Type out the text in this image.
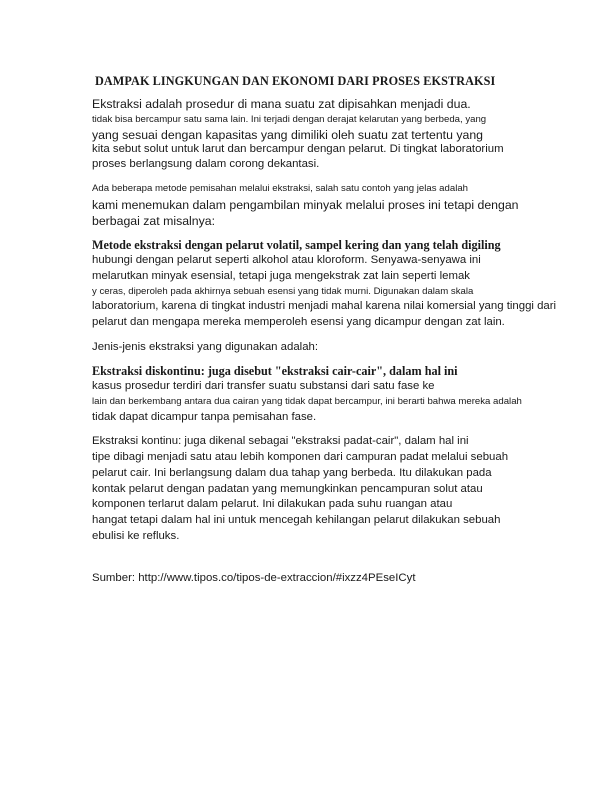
DAMPAK LINGKUNGAN DAN EKONOMI DARI PROSES EKSTRAKSI
Ekstraksi adalah prosedur di mana suatu zat dipisahkan menjadi dua.
tidak bisa bercampur satu sama lain. Ini terjadi dengan derajat kelarutan yang berbeda, yang
yang sesuai dengan kapasitas yang dimiliki oleh suatu zat tertentu yang
kita sebut solut untuk larut dan bercampur dengan pelarut. Di tingkat laboratorium
proses berlangsung dalam corong dekantasi.
Ada beberapa metode pemisahan melalui ekstraksi, salah satu contoh yang jelas adalah
kami menemukan dalam pengambilan minyak melalui proses ini tetapi dengan
berbagai zat misalnya:
Metode ekstraksi dengan pelarut volatil, sampel kering dan yang telah digiling
hubungi dengan pelarut seperti alkohol atau kloroform. Senyawa-senyawa ini
melarutkan minyak esensial, tetapi juga mengekstrak zat lain seperti lemak
y ceras, diperoleh pada akhirnya sebuah esensi yang tidak murni. Digunakan dalam skala
laboratorium, karena di tingkat industri menjadi mahal karena nilai komersial yang tinggi dari
pelarut dan mengapa mereka memperoleh esensi yang dicampur dengan zat lain.
Jenis-jenis ekstraksi yang digunakan adalah:
Ekstraksi diskontinu: juga disebut "ekstraksi cair-cair", dalam hal ini
kasus prosedur terdiri dari transfer suatu substansi dari satu fase ke
lain dan berkembang antara dua cairan yang tidak dapat bercampur, ini berarti bahwa mereka adalah
tidak dapat dicampur tanpa pemisahan fase.
Ekstraksi kontinu: juga dikenal sebagai "ekstraksi padat-cair", dalam hal ini
tipe dibagi menjadi satu atau lebih komponen dari campuran padat melalui sebuah
pelarut cair. Ini berlangsung dalam dua tahap yang berbeda. Itu dilakukan pada
kontak pelarut dengan padatan yang memungkinkan pencampuran solut atau
komponen terlarut dalam pelarut. Ini dilakukan pada suhu ruangan atau
hangat tetapi dalam hal ini untuk mencegah kehilangan pelarut dilakukan sebuah
ebulisi ke refluks.
Sumber: http://www.tipos.co/tipos-de-extraccion/#ixzz4PEseICyt
